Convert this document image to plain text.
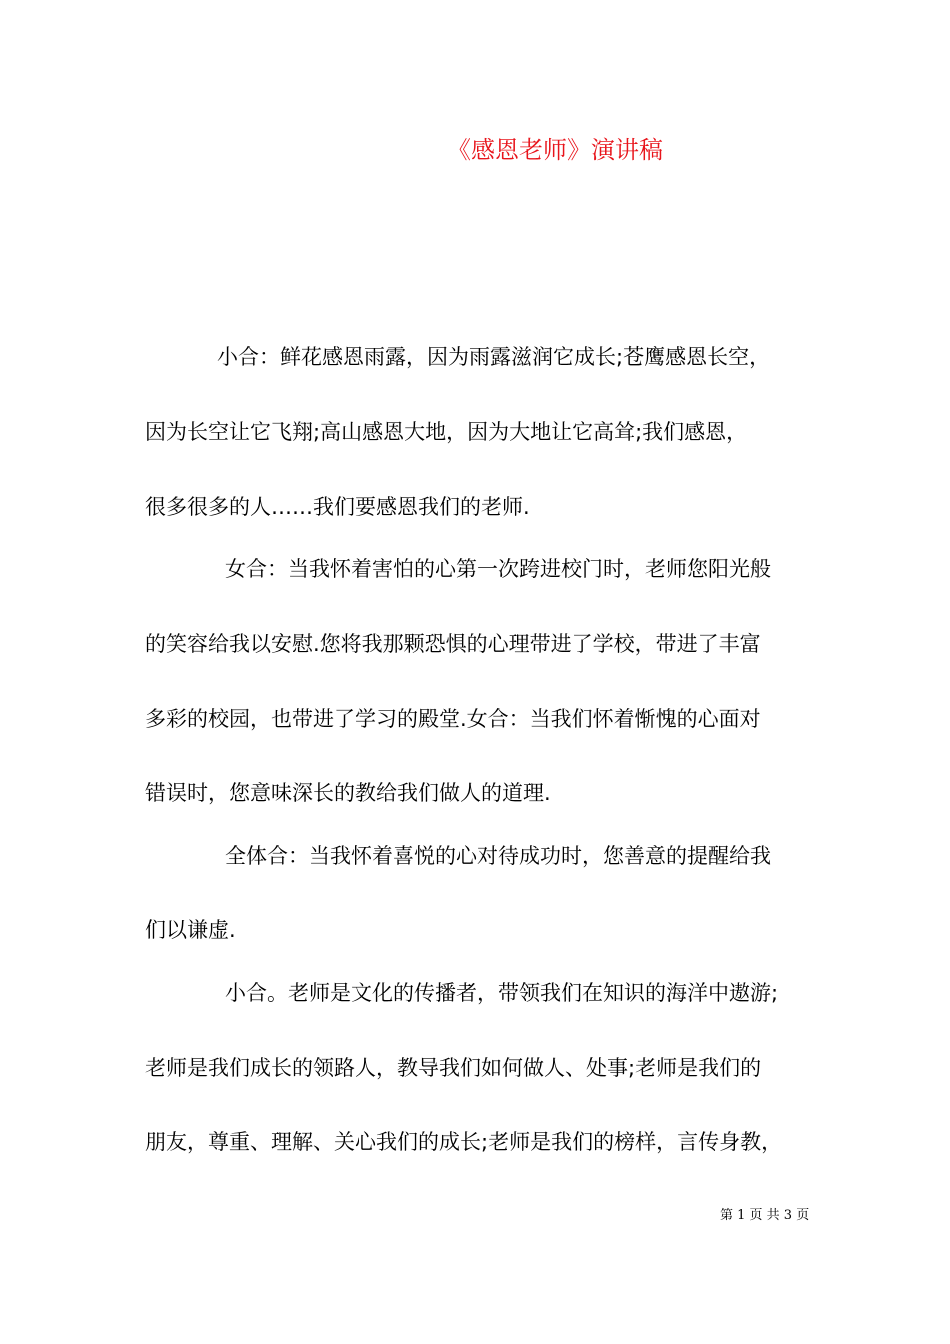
《感恩老师》演讲稿
小合：鲜花感恩雨露，因为雨露滋润它成长;苍鹰感恩长空，
因为长空让它飞翔;高山感恩大地，因为大地让它高耸;我们感恩，
很多很多的人……我们要感恩我们的老师.
女合：当我怀着害怕的心第一次跨进校门时，老师您阳光般
的笑容给我以安慰.您将我那颗恐惧的心理带进了学校，带进了丰富
多彩的校园，也带进了学习的殿堂.女合：当我们怀着惭愧的心面对
错误时，您意味深长的教给我们做人的道理.
全体合：当我怀着喜悦的心对待成功时，您善意的提醒给我
们以谦虚.
小合。老师是文化的传播者，带领我们在知识的海洋中遨游;
老师是我们成长的领路人，教导我们如何做人、处事;老师是我们的
朋友，尊重、理解、关心我们的成长;老师是我们的榜样，言传身教，
第 1 页 共 3 页
